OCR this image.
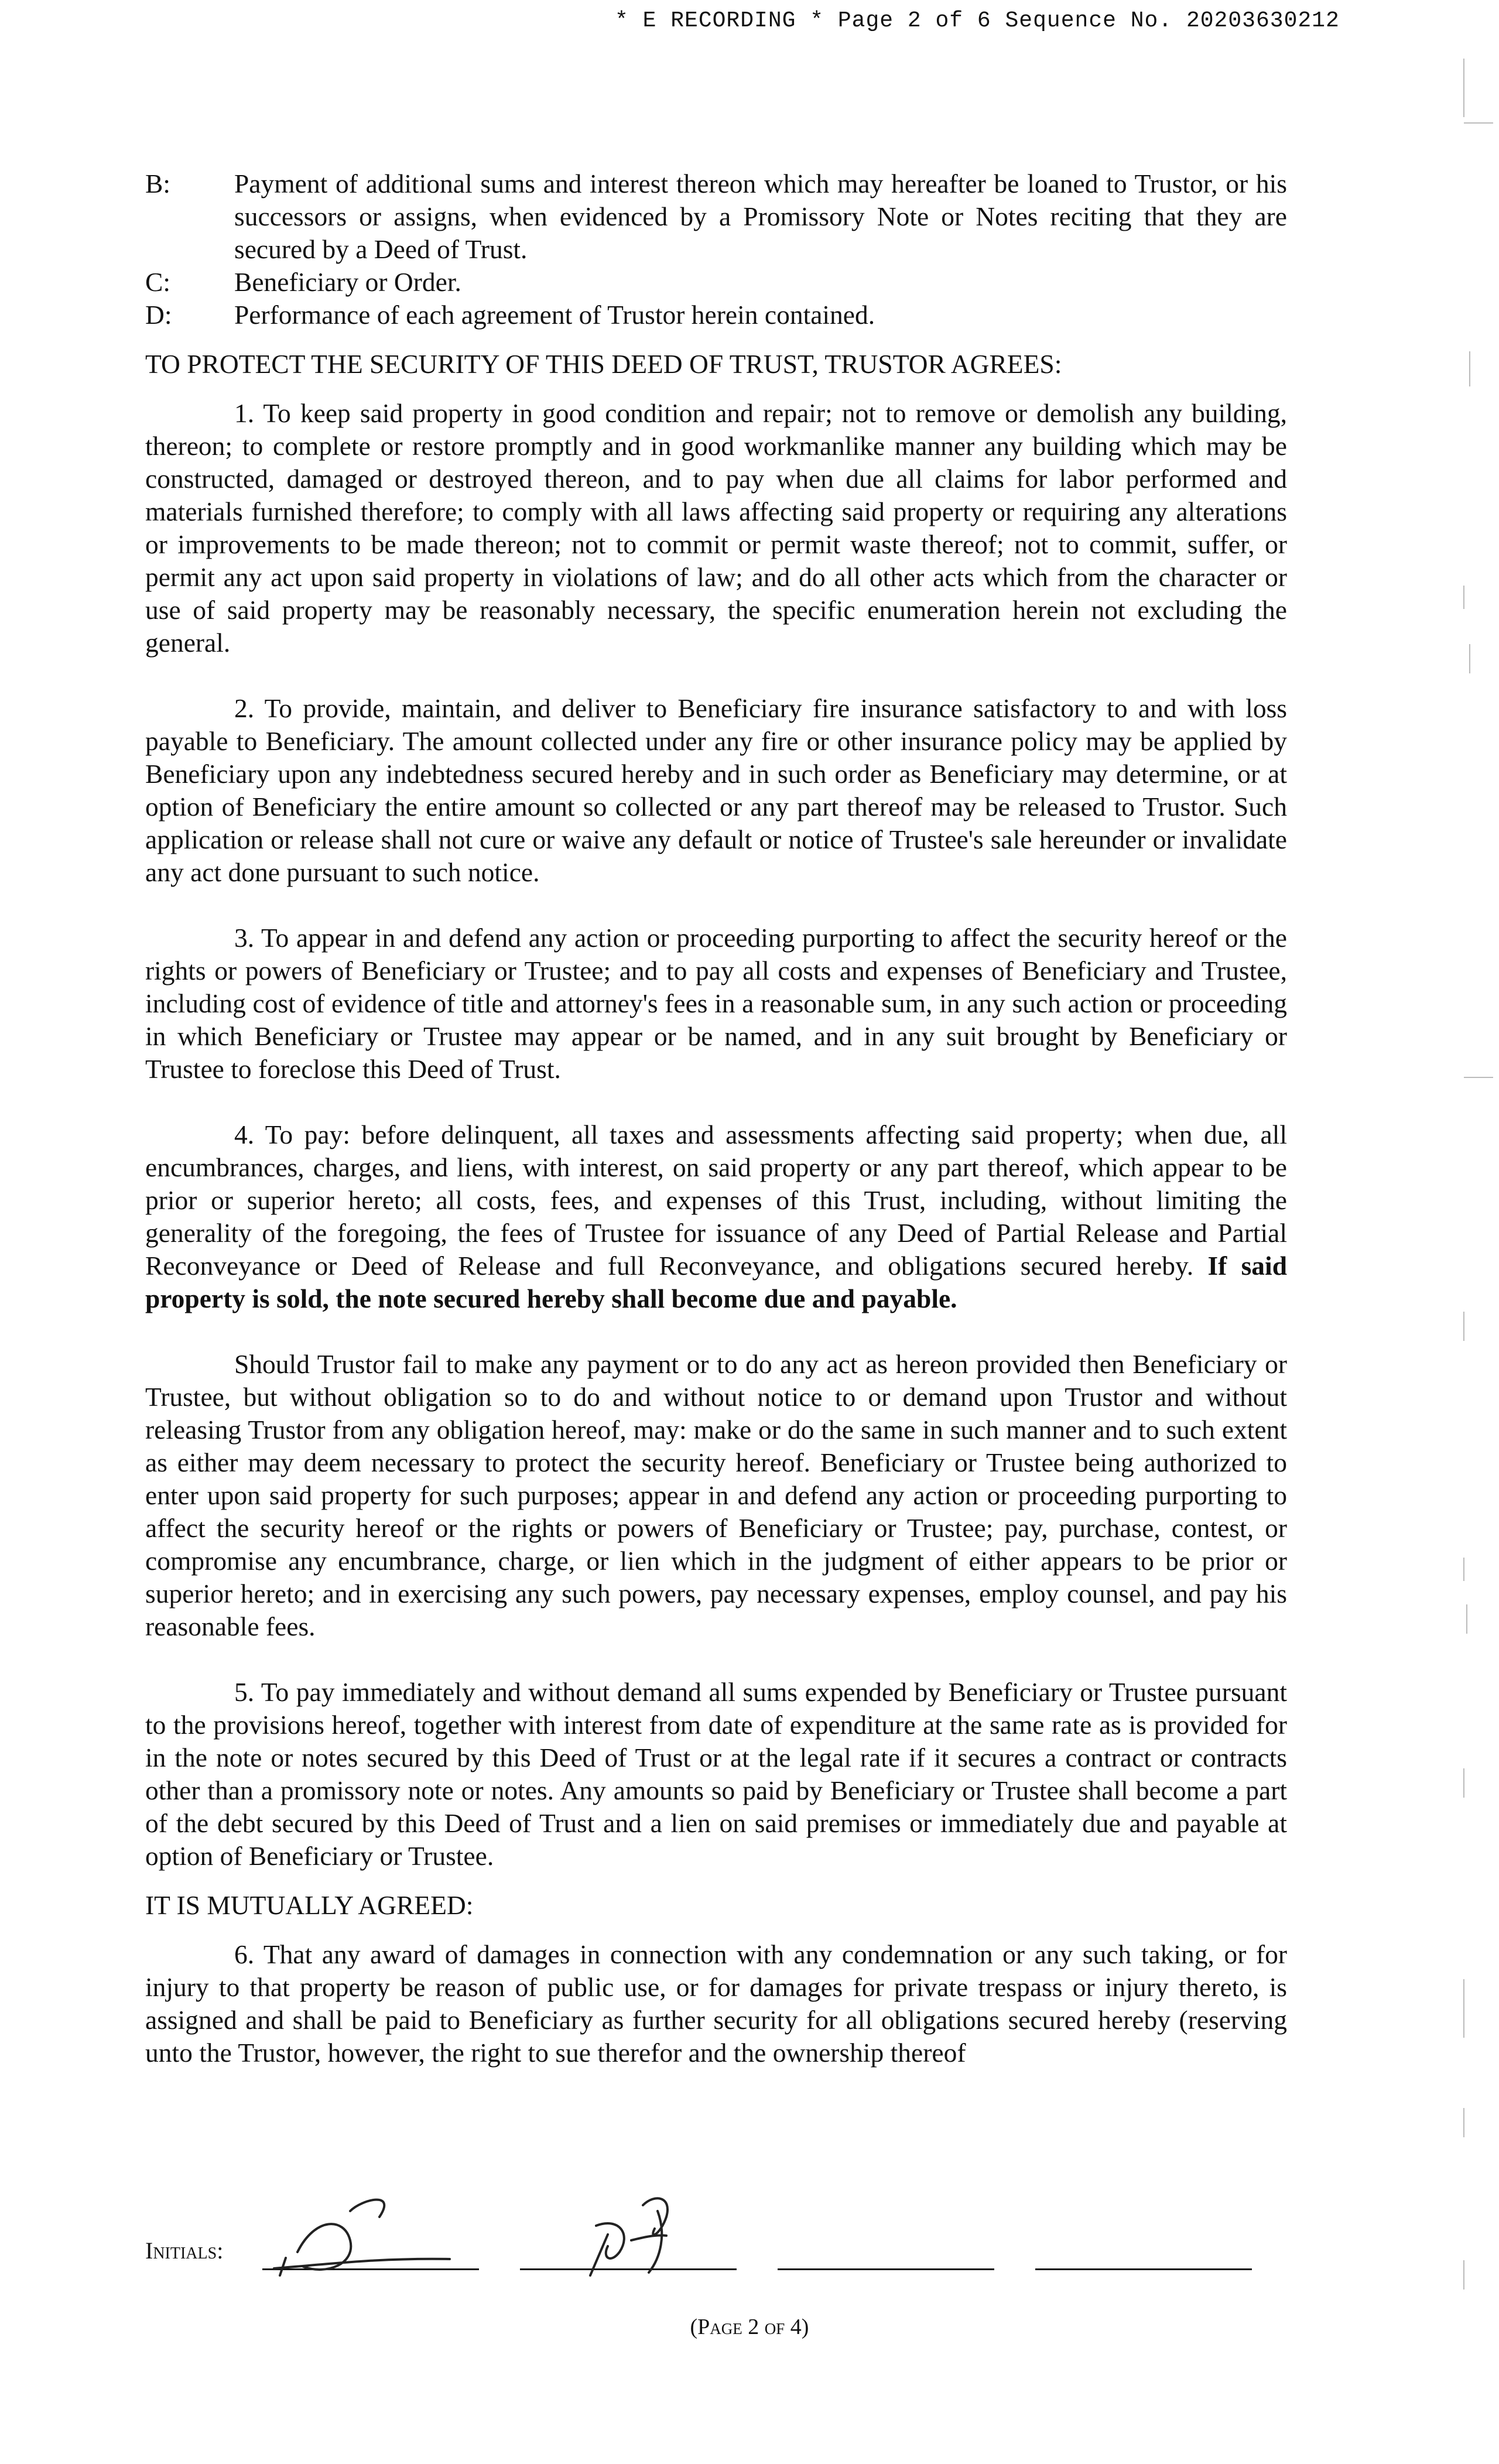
* E RECORDING * Page 2 of 6 Sequence No. 20203630212
B:	Payment of additional sums and interest thereon which may hereafter be loaned to Trustor, or his successors or assigns, when evidenced by a Promissory Note or Notes reciting that they are secured by a Deed of Trust.
C:	Beneficiary or Order.
D:	Performance of each agreement of Trustor herein contained.
TO PROTECT THE SECURITY OF THIS DEED OF TRUST, TRUSTOR AGREES:

1. To keep said property in good condition and repair; not to remove or demolish any building, thereon; to complete or restore promptly and in good workmanlike manner any building which may be constructed, damaged or destroyed thereon, and to pay when due all claims for labor performed and materials furnished therefore; to comply with all laws affecting said property or requiring any alterations or improvements to be made thereon; not to commit or permit waste thereof; not to commit, suffer, or permit any act upon said property in violations of law; and do all other acts which from the character or use of said property may be reasonably necessary, the specific enumeration herein not excluding the general.

2. To provide, maintain, and deliver to Beneficiary fire insurance satisfactory to and with loss payable to Beneficiary. The amount collected under any fire or other insurance policy may be applied by Beneficiary upon any indebtedness secured hereby and in such order as Beneficiary may determine, or at option of Beneficiary the entire amount so collected or any part thereof may be released to Trustor. Such application or release shall not cure or waive any default or notice of Trustee's sale hereunder or invalidate any act done pursuant to such notice.

3. To appear in and defend any action or proceeding purporting to affect the security hereof or the rights or powers of Beneficiary or Trustee; and to pay all costs and expenses of Beneficiary and Trustee, including cost of evidence of title and attorney's fees in a reasonable sum, in any such action or proceeding in which Beneficiary or Trustee may appear or be named, and in any suit brought by Beneficiary or Trustee to foreclose this Deed of Trust.

4. To pay: before delinquent, all taxes and assessments affecting said property; when due, all encumbrances, charges, and liens, with interest, on said property or any part thereof, which appear to be prior or superior hereto; all costs, fees, and expenses of this Trust, including, without limiting the generality of the foregoing, the fees of Trustee for issuance of any Deed of Partial Release and Partial Reconveyance or Deed of Release and full Reconveyance, and obligations secured hereby. If said property is sold, the note secured hereby shall become due and payable.

Should Trustor fail to make any payment or to do any act as hereon provided then Beneficiary or Trustee, but without obligation so to do and without notice to or demand upon Trustor and without releasing Trustor from any obligation hereof, may: make or do the same in such manner and to such extent as either may deem necessary to protect the security hereof. Beneficiary or Trustee being authorized to enter upon said property for such purposes; appear in and defend any action or proceeding purporting to affect the security hereof or the rights or powers of Beneficiary or Trustee; pay, purchase, contest, or compromise any encumbrance, charge, or lien which in the judgment of either appears to be prior or superior hereto; and in exercising any such powers, pay necessary expenses, employ counsel, and pay his reasonable fees.

5. To pay immediately and without demand all sums expended by Beneficiary or Trustee pursuant to the provisions hereof, together with interest from date of expenditure at the same rate as is provided for in the note or notes secured by this Deed of Trust or at the legal rate if it secures a contract or contracts other than a promissory note or notes. Any amounts so paid by Beneficiary or Trustee shall become a part of the debt secured by this Deed of Trust and a lien on said premises or immediately due and payable at option of Beneficiary or Trustee.

IT IS MUTUALLY AGREED:

6. That any award of damages in connection with any condemnation or any such taking, or for injury to that property be reason of public use, or for damages for private trespass or injury thereto, is assigned and shall be paid to Beneficiary as further security for all obligations secured hereby (reserving unto the Trustor, however, the right to sue therefor and the ownership thereof

Initials:
(Page 2 of 4)
